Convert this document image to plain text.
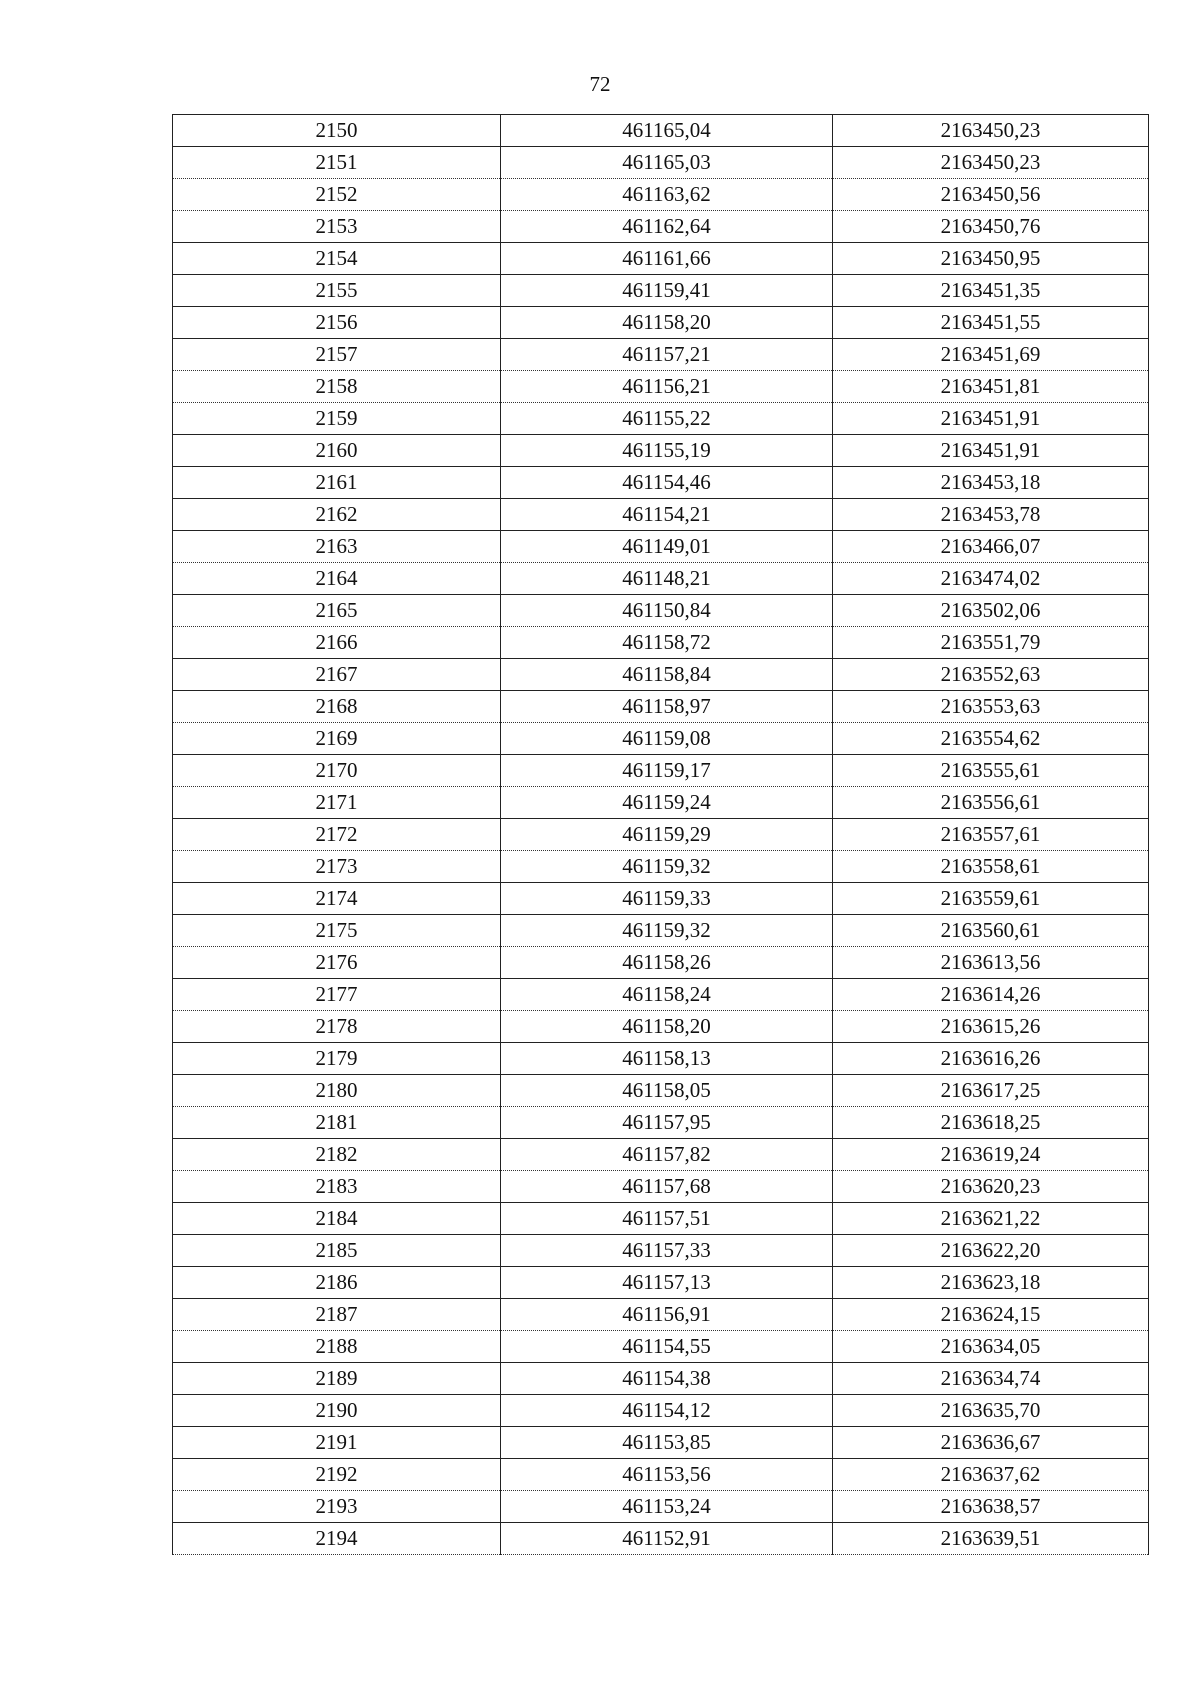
72
2150	461165,04	2163450,23
2151	461165,03	2163450,23
2152	461163,62	2163450,56
2153	461162,64	2163450,76
2154	461161,66	2163450,95
2155	461159,41	2163451,35
2156	461158,20	2163451,55
2157	461157,21	2163451,69
2158	461156,21	2163451,81
2159	461155,22	2163451,91
2160	461155,19	2163451,91
2161	461154,46	2163453,18
2162	461154,21	2163453,78
2163	461149,01	2163466,07
2164	461148,21	2163474,02
2165	461150,84	2163502,06
2166	461158,72	2163551,79
2167	461158,84	2163552,63
2168	461158,97	2163553,63
2169	461159,08	2163554,62
2170	461159,17	2163555,61
2171	461159,24	2163556,61
2172	461159,29	2163557,61
2173	461159,32	2163558,61
2174	461159,33	2163559,61
2175	461159,32	2163560,61
2176	461158,26	2163613,56
2177	461158,24	2163614,26
2178	461158,20	2163615,26
2179	461158,13	2163616,26
2180	461158,05	2163617,25
2181	461157,95	2163618,25
2182	461157,82	2163619,24
2183	461157,68	2163620,23
2184	461157,51	2163621,22
2185	461157,33	2163622,20
2186	461157,13	2163623,18
2187	461156,91	2163624,15
2188	461154,55	2163634,05
2189	461154,38	2163634,74
2190	461154,12	2163635,70
2191	461153,85	2163636,67
2192	461153,56	2163637,62
2193	461153,24	2163638,57
2194	461152,91	2163639,51
